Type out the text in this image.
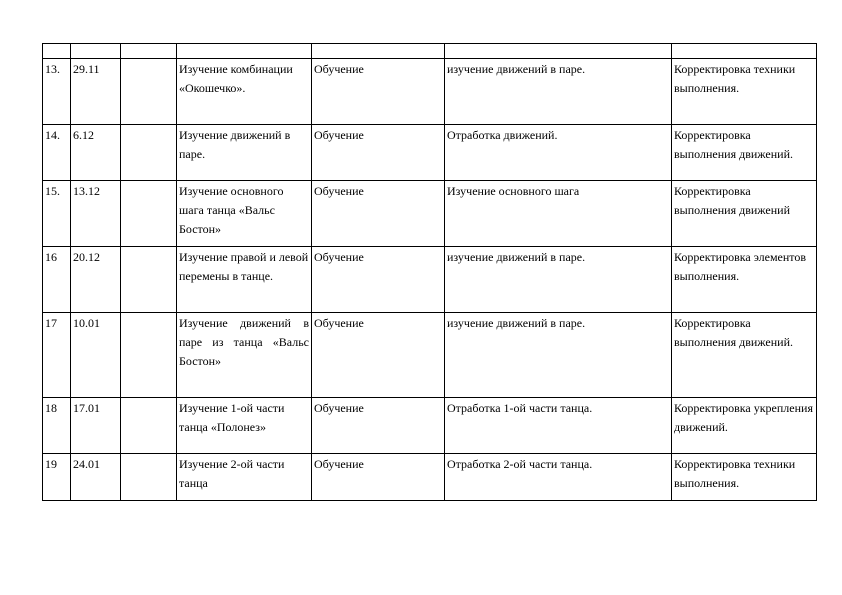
13.	29.11		Изучение комбинации «Окошечко».	Обучение	изучение движений в паре.	Корректировка техники выполнения.
14.	6.12		Изучение движений в паре.	Обучение	Отработка движений.	Корректировка выполнения движений.
15.	13.12		Изучение основного шага танца «Вальс Бостон»	Обучение	Изучение основного шага	Корректировка выполнения движений
16	20.12		Изучение правой и левой перемены в танце.	Обучение	изучение движений в паре.	Корректировка элементов выполнения.
17	10.01		Изучение движений в паре из танца «Вальс Бостон»	Обучение	изучение движений в паре.	Корректировка выполнения движений.
18	17.01		Изучение 1-ой части танца «Полонез»	Обучение	Отработка 1-ой части танца.	Корректировка укрепления движений.
19	24.01		Изучение 2-ой части танца	Обучение	Отработка 2-ой части танца.	Корректировка техники выполнения.
